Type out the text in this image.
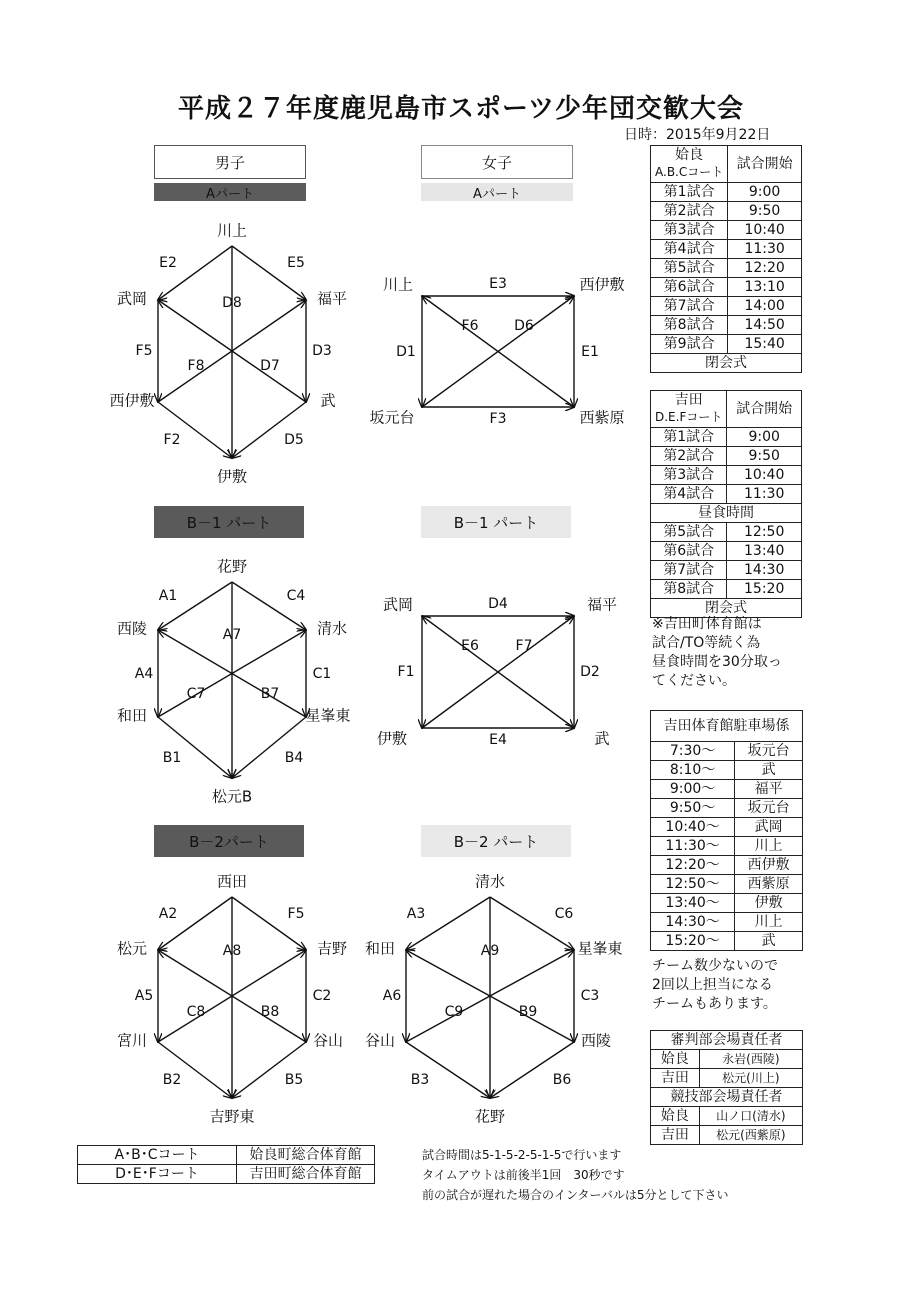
平成２７年度鹿児島市スポーツ少年団交歓大会
日時：2015年9月22日
男子
Aパート
女子
Aパート
B－1 パート	B－1 パート
B－2パート	B－2 パート
川上
武岡	福平
西伊敷	武
伊敷
E2	E5
F5	D3
F2	D5
D8
F8	D7
川上	西伊敷
坂元台	西紫原
E3
F3
D1	E1
F6	D6
花野
西陵	清水
和田	星峯東
松元B
A1	C4
A4	C1
B1	B4
A7
C7	B7
武岡	福平
伊敷	武
D4
E4
F1	D2
E6	F7
西田
松元	吉野
宮川	谷山
吉野東
A2	F5
A5	C2
B2	B5
A8
C8	B8
清水
和田	星峯東
谷山	西陵
花野
A3	C6
A6	C3
B3	B6
A9
C9	B9
姶良
A.B.Cコート	試合開始
第1試合	9:00
第2試合	9:50
第3試合	10:40
第4試合	11:30
第5試合	12:20
第6試合	13:10
第7試合	14:00
第8試合	14:50
第9試合	15:40
閉会式	
吉田
D.E.Fコート	試合開始
第1試合	9:00
第2試合	9:50
第3試合	10:40
第4試合	11:30
昼食時間	
第5試合	12:50
第6試合	13:40
第7試合	14:30
第8試合	15:20
閉会式	
※吉田町体育館は
試合/TO等続く為
昼食時間を30分取っ
てください。
吉田体育館駐車場係	
7:30～	坂元台
8:10～	武
9:00～	福平
9:50～	坂元台
10:40～	武岡
11:30～	川上
12:20～	西伊敷
12:50～	西紫原
13:40～	伊敷
14:30～	川上
15:20～	武
チーム数少ないので
2回以上担当になる
チームもあります。
審判部会場責任者	
姶良	永岩(西陵)
吉田	松元(川上)
競技部会場責任者	
姶良	山ノ口(清水)
吉田	松元(西紫原)
A･B･Cコート	姶良町総合体育館
D･E･Fコート	吉田町総合体育館
試合時間は5-1-5-2-5-1-5で行います
タイムアウトは前後半1回　30秒です
前の試合が遅れた場合のインターバルは5分として下さい
